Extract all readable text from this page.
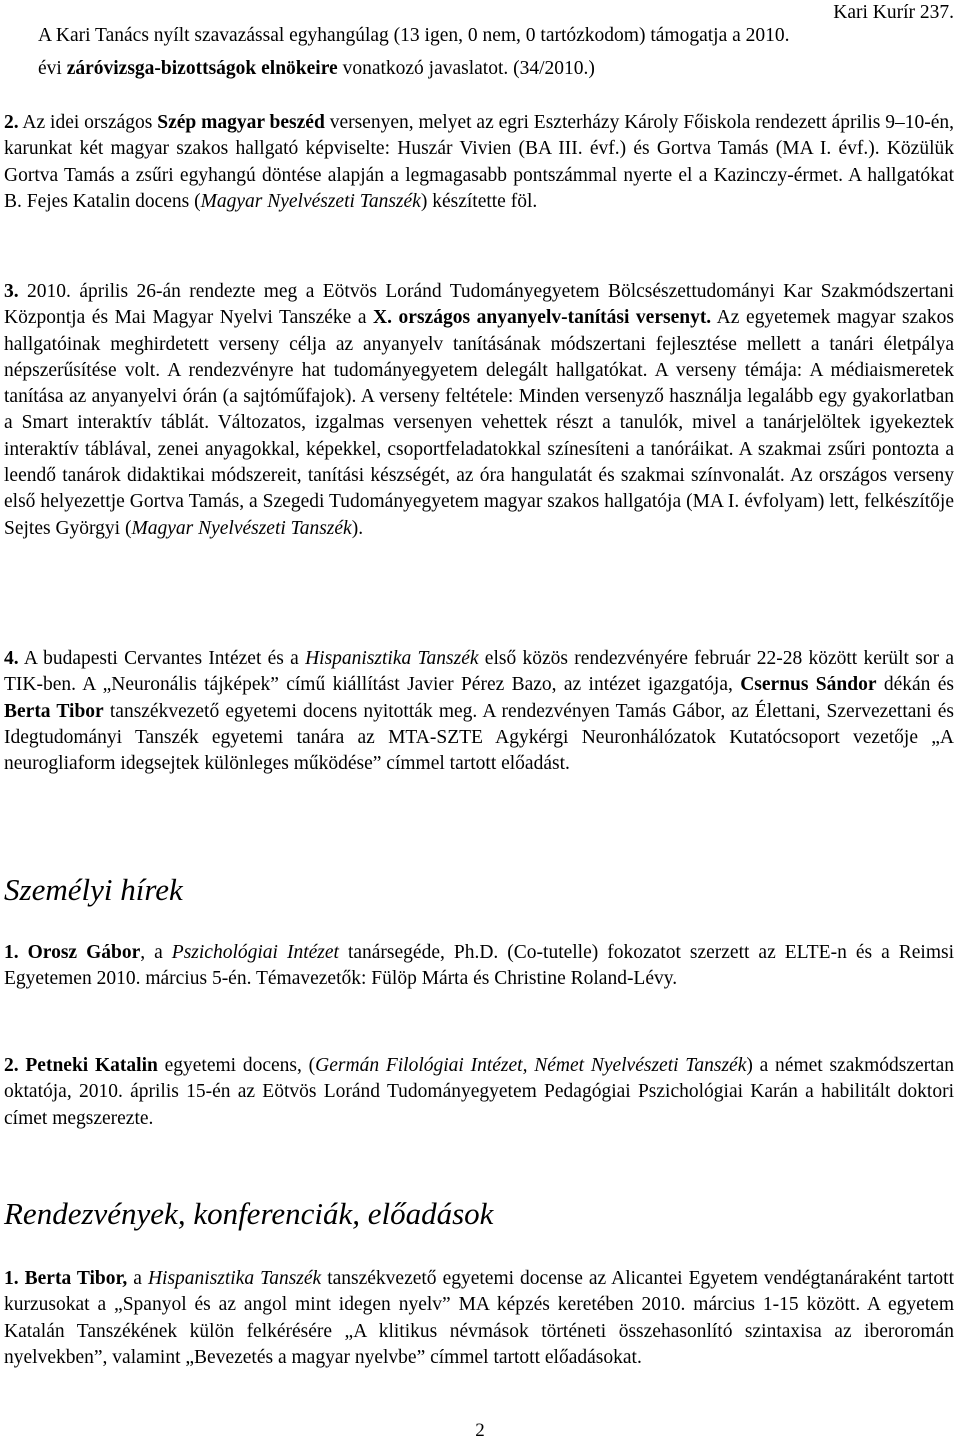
Kari Kurír 237.
A Kari Tanács nyílt szavazással egyhangúlag (13 igen, 0 nem, 0 tartózkodom) támogatja a 2010.
évi záróvizsga-bizottságok elnökeire vonatkozó javaslatot. (34/2010.)

2. Az idei országos Szép magyar beszéd versenyen, melyet az egri Eszterházy Károly Főiskola rendezett április 9–10-én, karunkat két magyar szakos hallgató képviselte: Huszár Vivien (BA III. évf.) és Gortva Tamás (MA I. évf.). Közülük Gortva Tamás a zsűri egyhangú döntése alapján a legmagasabb pontszámmal nyerte el a Kazinczy-érmet. A hallgatókat B. Fejes Katalin docens (Magyar Nyelvészeti Tanszék) készítette föl.

3. 2010. április 26-án rendezte meg a Eötvös Loránd Tudományegyetem Bölcsészettudományi Kar Szakmódszertani Központja és Mai Magyar Nyelvi Tanszéke a X. országos anyanyelv-tanítási versenyt. Az egyetemek magyar szakos hallgatóinak meghirdetett verseny célja az anyanyelv tanításának módszertani fejlesztése mellett a tanári életpálya népszerűsítése volt. A rendezvényre hat tudományegyetem delegált hallgatókat. A verseny témája: A médiaismeretek tanítása az anyanyelvi órán (a sajtóműfajok). A verseny feltétele: Minden versenyző használja legalább egy gyakorlatban a Smart interaktív táblát. Változatos, izgalmas versenyen vehettek részt a tanulók, mivel a tanárjelöltek igyekeztek interaktív táblával, zenei anyagokkal, képekkel, csoportfeladatokkal színesíteni a tanóráikat. A szakmai zsűri pontozta a leendő tanárok didaktikai módszereit, tanítási készségét, az óra hangulatát és szakmai színvonalát. Az országos verseny első helyezettje Gortva Tamás, a Szegedi Tudományegyetem magyar szakos hallgatója (MA I. évfolyam) lett, felkészítője Sejtes Györgyi (Magyar Nyelvészeti Tanszék).

4. A budapesti Cervantes Intézet és a Hispanisztika Tanszék első közös rendezvényére február 22-28 között került sor a TIK-ben. A „Neuronális tájképek” című kiállítást Javier Pérez Bazo, az intézet igazgatója, Csernus Sándor dékán és Berta Tibor tanszékvezető egyetemi docens nyitották meg. A rendezvényen Tamás Gábor, az Élettani, Szervezettani és Idegtudományi Tanszék egyetemi tanára az MTA-SZTE Agykérgi Neuronhálózatok Kutatócsoport vezetője „A neurogliaform idegsejtek különleges működése” címmel tartott előadást.

Személyi hírek

1. Orosz Gábor, a Pszichológiai Intézet tanársegéde, Ph.D. (Co-tutelle) fokozatot szerzett az ELTE-n és a Reimsi Egyetemen 2010. március 5-én. Témavezetők: Fülöp Márta és Christine Roland-Lévy.

2. Petneki Katalin egyetemi docens, (Germán Filológiai Intézet, Német Nyelvészeti Tanszék) a német szakmódszertan oktatója, 2010. április 15-én az Eötvös Loránd Tudományegyetem Pedagógiai Pszichológiai Karán a habilitált doktori címet megszerezte.

Rendezvények, konferenciák, előadások

1. Berta Tibor, a Hispanisztika Tanszék tanszékvezető egyetemi docense az Alicantei Egyetem vendégtanáraként tartott kurzusokat a „Spanyol és az angol mint idegen nyelv” MA képzés keretében 2010. március 1-15 között. A egyetem Katalán Tanszékének külön felkérésére „A klitikus névmások történeti összehasonlító szintaxisa az iberoromán nyelvekben”, valamint „Bevezetés a magyar nyelvbe” címmel tartott előadásokat.

2
